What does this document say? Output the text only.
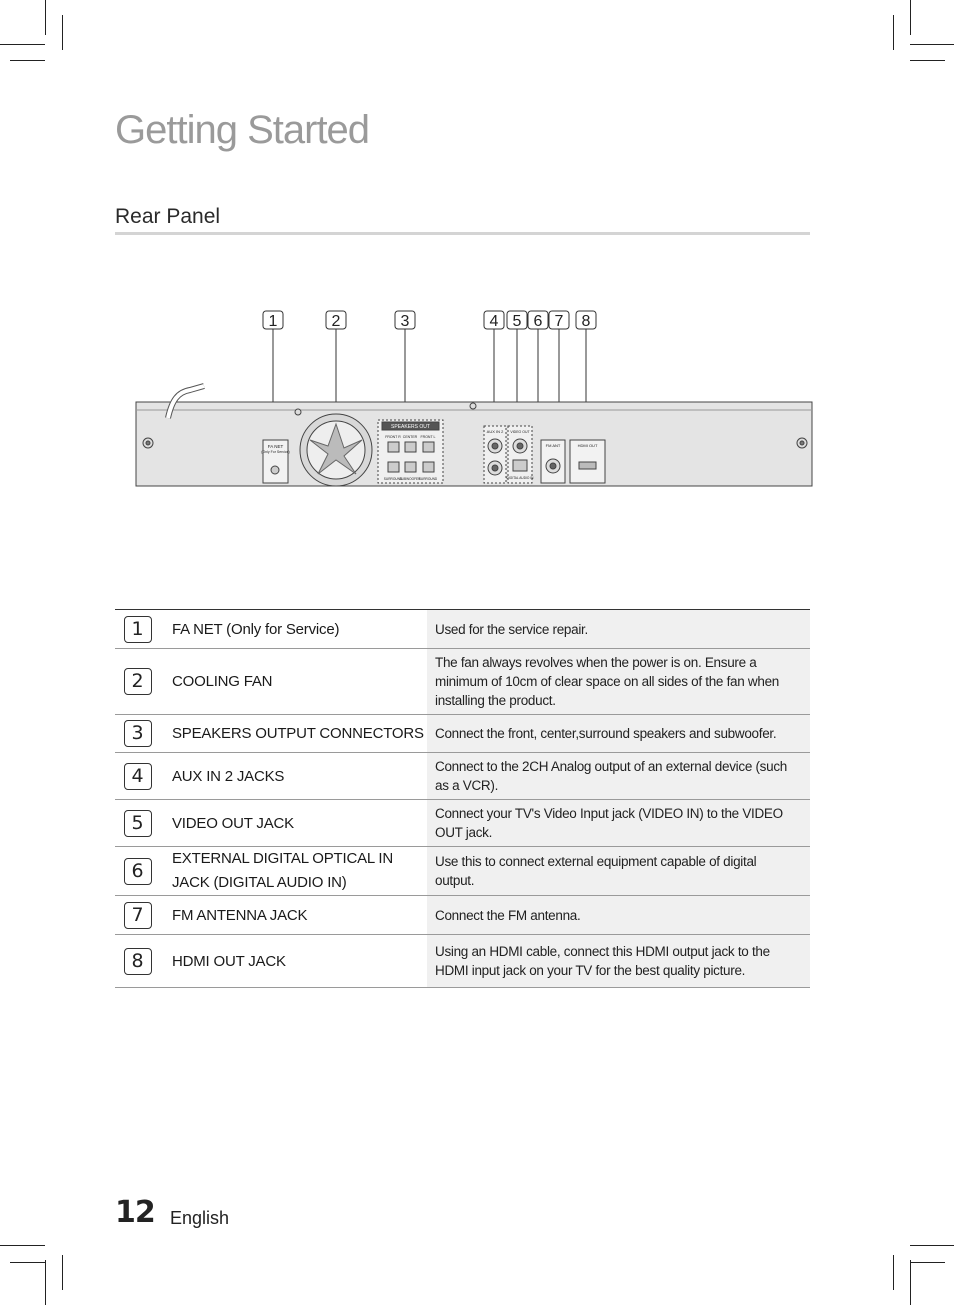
Getting Started
Rear Panel
1	2	3	4 5 6 7 8
FA NET
(Only For Service)
SPEAKERS OUT
FRONT R CENTER FRONT L
SURROUND
SUBWOOFER
SURROUND
AUX IN 2 VIDEO OUT
DIGITAL AUDIO IN
FM ANT	HDMI OUT
1	FA NET (Only for Service)	Used for the service repair.
2	COOLING FAN	The fan always revolves when the power is on. Ensure a minimum of 10cm of clear space on all sides of the fan when installing the product.
3	SPEAKERS OUTPUT CONNECTORS	Connect the front, center,surround speakers and subwoofer.
4	AUX IN 2 JACKS	Connect to the 2CH Analog output of an external device (such as a VCR).
5	VIDEO OUT JACK	Connect your TV's Video Input jack (VIDEO IN) to the VIDEO OUT jack.
6	EXTERNAL DIGITAL OPTICAL IN JACK (DIGITAL AUDIO IN)	Use this to connect external equipment capable of digital output.
7	FM ANTENNA JACK	Connect the FM antenna.
8	HDMI OUT JACK	Using an HDMI cable, connect this HDMI output jack to the HDMI input jack on your TV for the best quality picture.
12 English
